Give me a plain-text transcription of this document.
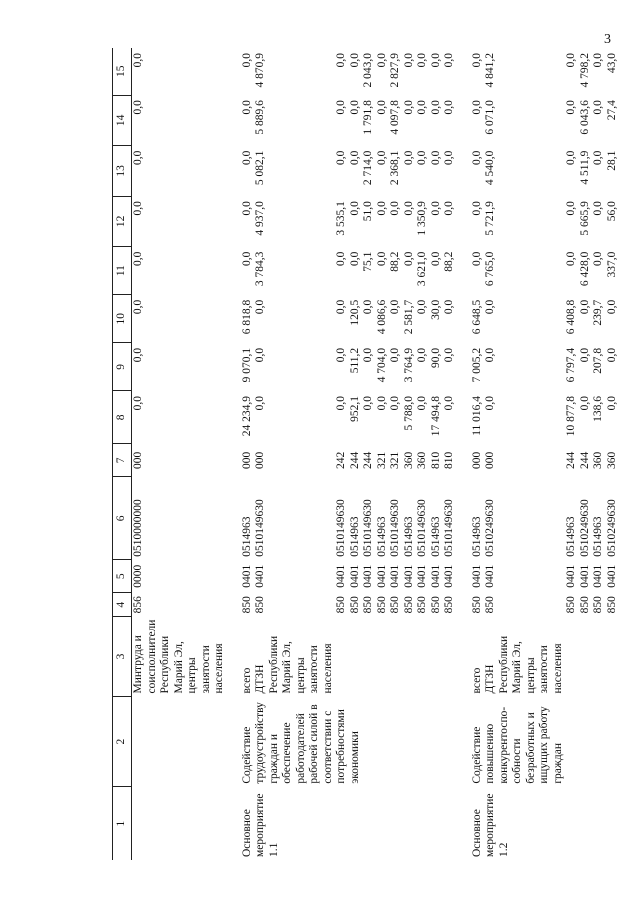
3
1	2	3	4	5	6	7	8	9	10	11	12	13	14	15
		Минтруда и соисполнители Республики Марий Эл, центры занятости населения	856	0000	0510000000	000	0,0	0,0	0,0	0,0	0,0	0,0	0,0	0,0

Основное мероприятие 1.1	Содействие трудоустройству граждан и обеспечение работодателей рабочей силой в соответствии с потребностями экономики	всего	850	0401	0514963	000	24 234,9	9 070,1	6 818,8	0,0	0,0	0,0	0,0	0,0
		ДТЗН Республики Марий Эл, центры занятости населения	850	0401	0510149630	000	0,0	0,0	0,0	3 784,3	4 937,0	5 082,1	5 889,6	4 870,9
			850	0401	0510149630	242	0,0	0,0	0,0	0,0	3 535,1	0,0	0,0	0,0
			850	0401	0514963	244	952,1	511,2	120,5	0,0	0,0	0,0	0,0	0,0
			850	0401	0510149630	244	0,0	0,0	0,0	75,1	51,0	2 714,0	1 791,8	2 043,0
			850	0401	0514963	321	0,0	4 704,0	4 086,6	0,0	0,0	0,0	0,0	0,0
			850	0401	0510149630	321	0,0	0,0	0,0	88,2	0,0	2 368,1	4 097,8	2 827,9
			850	0401	0514963	360	5 788,0	3 764,9	2 581,7	0,0	0,0	0,0	0,0	0,0
			850	0401	0510149630	360	0,0	0,0	0,0	3 621,0	1 350,9	0,0	0,0	0,0
			850	0401	0514963	810	17 494,8	90,0	30,0	0,0	0,0	0,0	0,0	0,0
			850	0401	0510149630	810	0,0	0,0	0,0	88,2	0,0	0,0	0,0	0,0

Основное мероприятие 1.2	Содействие повышению конкурентоспо-собности безработных и ищущих работу граждан	всего	850	0401	0514963	000	11 016,4	7 005,2	6 648,5	0,0	0,0	0,0	0,0	0,0
		ДТЗН Республики Марий Эл, центры занятости населения	850	0401	0510249630	000	0,0	0,0	0,0	6 765,0	5 721,9	4 540,0	6 071,0	4 841,2
			850	0401	0514963	244	10 877,8	6 797,4	6 408,8	0,0	0,0	0,0	0,0	0,0
			850	0401	0510249630	244	0,0	0,0	0,0	6 428,0	5 665,9	4 511,9	6 043,6	4 798,2
			850	0401	0514963	360	138,6	207,8	239,7	0,0	0,0	0,0	0,0	0,0
			850	0401	0510249630	360	0,0	0,0	0,0	337,0	56,0	28,1	27,4	43,0
